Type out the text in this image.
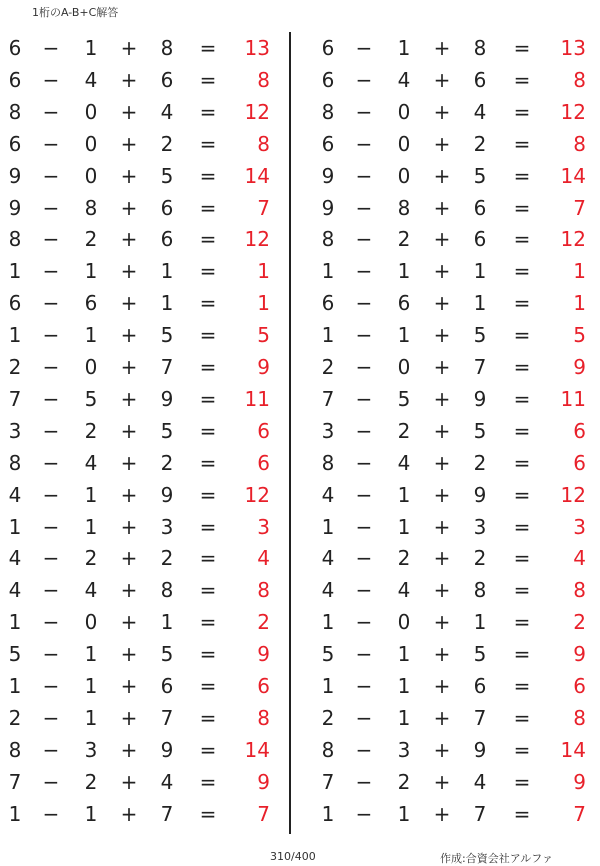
1桁のA-B+C解答
6 − 1 + 8 =	13	6 − 1 + 8 =	13
6 − 4 + 6 =	8	6 − 4 + 6 =	8
8 − 0 + 4 =	12	8 − 0 + 4 =	12
6 − 0 + 2 =	8	6 − 0 + 2 =	8
9 − 0 + 5 =	14	9 − 0 + 5 =	14
9 − 8 + 6 =	7	9 − 8 + 6 =	7
8 − 2 + 6 =	12	8 − 2 + 6 =	12
1 − 1 + 1 =	1	1 − 1 + 1 =	1
6 − 6 + 1 =	1	6 − 6 + 1 =	1
1 − 1 + 5 =	5	1 − 1 + 5 =	5
2 − 0 + 7 =	9	2 − 0 + 7 =	9
7 − 5 + 9 =	11	7 − 5 + 9 =	11
3 − 2 + 5 =	6	3 − 2 + 5 =	6
8 − 4 + 2 =	6	8 − 4 + 2 =	6
4 − 1 + 9 =	12	4 − 1 + 9 =	12
1 − 1 + 3 =	3	1 − 1 + 3 =	3
4 − 2 + 2 =	4	4 − 2 + 2 =	4
4 − 4 + 8 =	8	4 − 4 + 8 =	8
1 − 0 + 1 =	2	1 − 0 + 1 =	2
5 − 1 + 5 =	9	5 − 1 + 5 =	9
1 − 1 + 6 =	6	1 − 1 + 6 =	6
2 − 1 + 7 =	8	2 − 1 + 7 =	8
8 − 3 + 9 =	14	8 − 3 + 9 =	14
7 − 2 + 4 =	9	7 − 2 + 4 =	9
1 − 1 + 7 =	7	1 − 1 + 7 =	7
310/400	作成:合資会社アルファ
